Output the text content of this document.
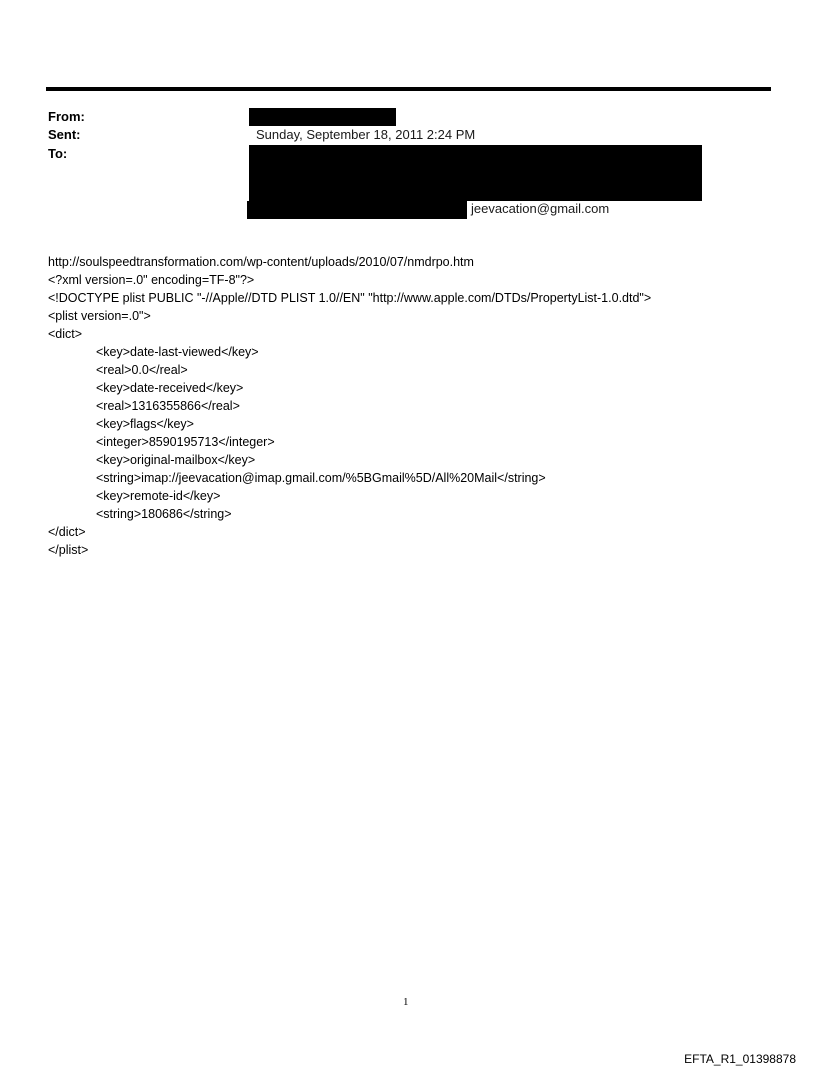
From:
Sent:
To:
Sunday, September 18, 2011 2:24 PM
jeevacation@gmail.com
http://soulspeedtransformation.com/wp-content/uploads/2010/07/nmdrpo.htm
<?xml version=.0" encoding=TF-8"?>
<!DOCTYPE plist PUBLIC "-//Apple//DTD PLIST 1.0//EN" "http://www.apple.com/DTDs/PropertyList-1.0.dtd">
<plist version=.0">
<dict>
<key>date-last-viewed</key>
<real>0.0</real>
<key>date-received</key>
<real>1316355866</real>
<key>flags</key>
<integer>8590195713</integer>
<key>original-mailbox</key>
<string>imap://jeevacation@imap.gmail.com/%5BGmail%5D/All%20Mail</string>
<key>remote-id</key>
<string>180686</string>
</dict>
</plist>
1
EFTA_R1_01398878
